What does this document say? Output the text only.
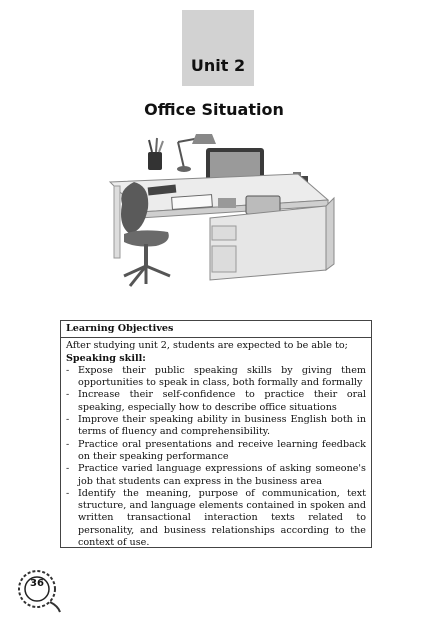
Unit 2
Office Situation
Learning Objectives
After studying unit 2, students are expected to be able to;
Speaking skill:
- Expose their public speaking skills by giving them opportunities to speak in class, both formally and formally
- Increase their self-confidence to practice their oral speaking, especially how to describe office situations
- Improve their speaking ability in business English both in terms of fluency and comprehensibility.
- Practice oral presentations and receive learning feedback on their speaking performance
- Practice varied language expressions of asking someone's job that students can express in the business area
- Identify the meaning, purpose of communication, text structure, and language elements contained in spoken and written transactional interaction texts related to personality, and business relationships according to the context of use.
36
